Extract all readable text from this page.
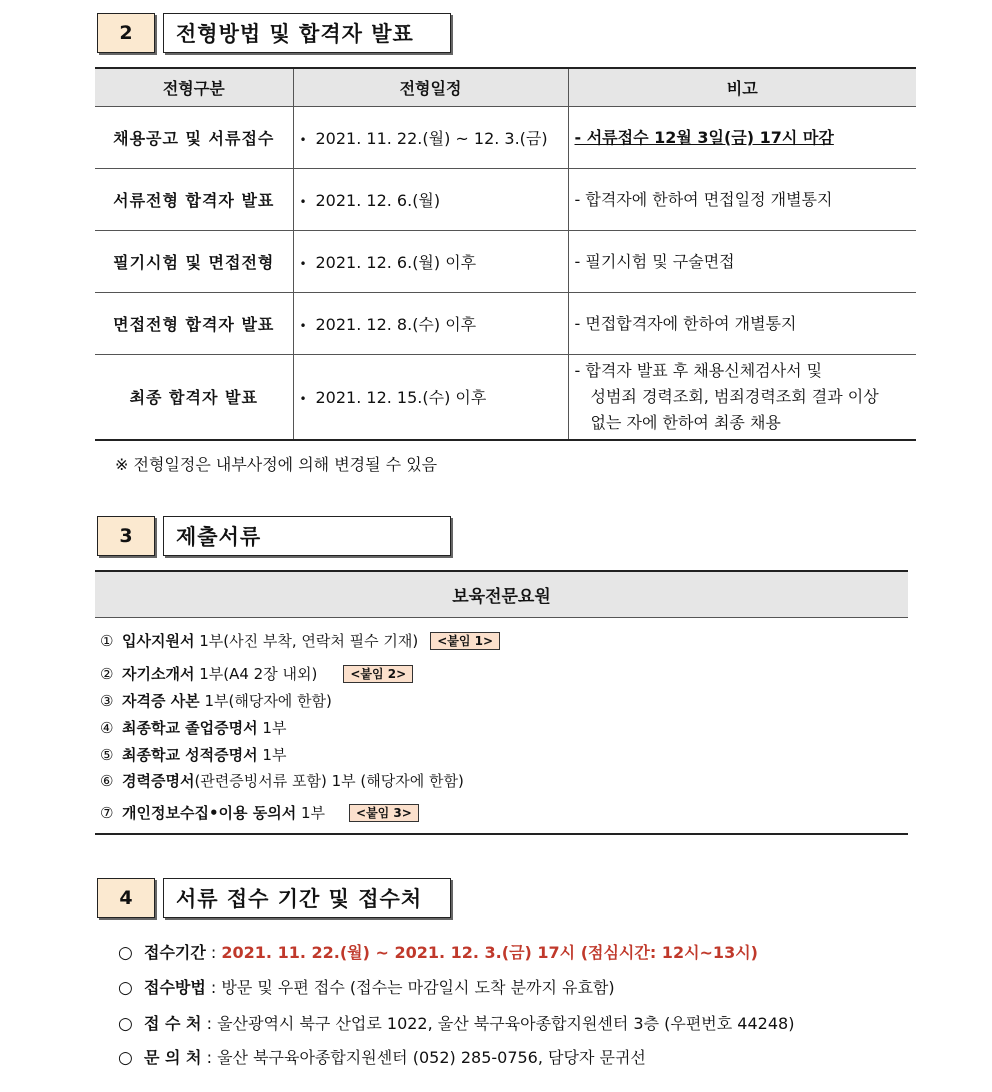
2	전형방법 및 합격자 발표
전형구분	전형일정	비고
채용공고 및 서류접수	• 2021. 11. 22.(월) ~ 12. 3.(금)	- 서류접수 12월 3일(금) 17시 마감
서류전형 합격자 발표	• 2021. 12. 6.(월)	- 합격자에 한하여 면접일정 개별통지
필기시험 및 면접전형	• 2021. 12. 6.(월) 이후	- 필기시험 및 구술면접
면접전형 합격자 발표	• 2021. 12. 8.(수) 이후	- 면접합격자에 한하여 개별통지
최종 합격자 발표	• 2021. 12. 15.(수) 이후	- 합격자 발표 후 채용신체검사서 및
성범죄 경력조회, 범죄경력조회 결과 이상
없는 자에 한하여 최종 채용
※ 전형일정은 내부사정에 의해 변경될 수 있음
3	제출서류
보육전문요원
① 입사지원서 1부(사진 부착, 연락처 필수 기재) <붙임 1>
② 자기소개서 1부(A4 2장 내외)	<붙임 2>
③ 자격증 사본 1부(해당자에 한함)
④ 최종학교 졸업증명서 1부
⑤ 최종학교 성적증명서 1부
⑥ 경력증명서(관련증빙서류 포함) 1부 (해당자에 한함)
⑦ 개인정보수집•이용 동의서 1부	<붙임 3>
4	서류 접수 기간 및 접수처
○ 접수기간 : 2021. 11. 22.(월) ~ 2021. 12. 3.(금) 17시 (점심시간: 12시~13시)
○ 접수방법 : 방문 및 우편 접수 (접수는 마감일시 도착 분까지 유효함)
○ 접 수 처 : 울산광역시 북구 산업로 1022, 울산 북구육아종합지원센터 3층 (우편번호 44248)
○ 문 의 처 : 울산 북구육아종합지원센터 (052) 285-0756, 담당자 문귀선
